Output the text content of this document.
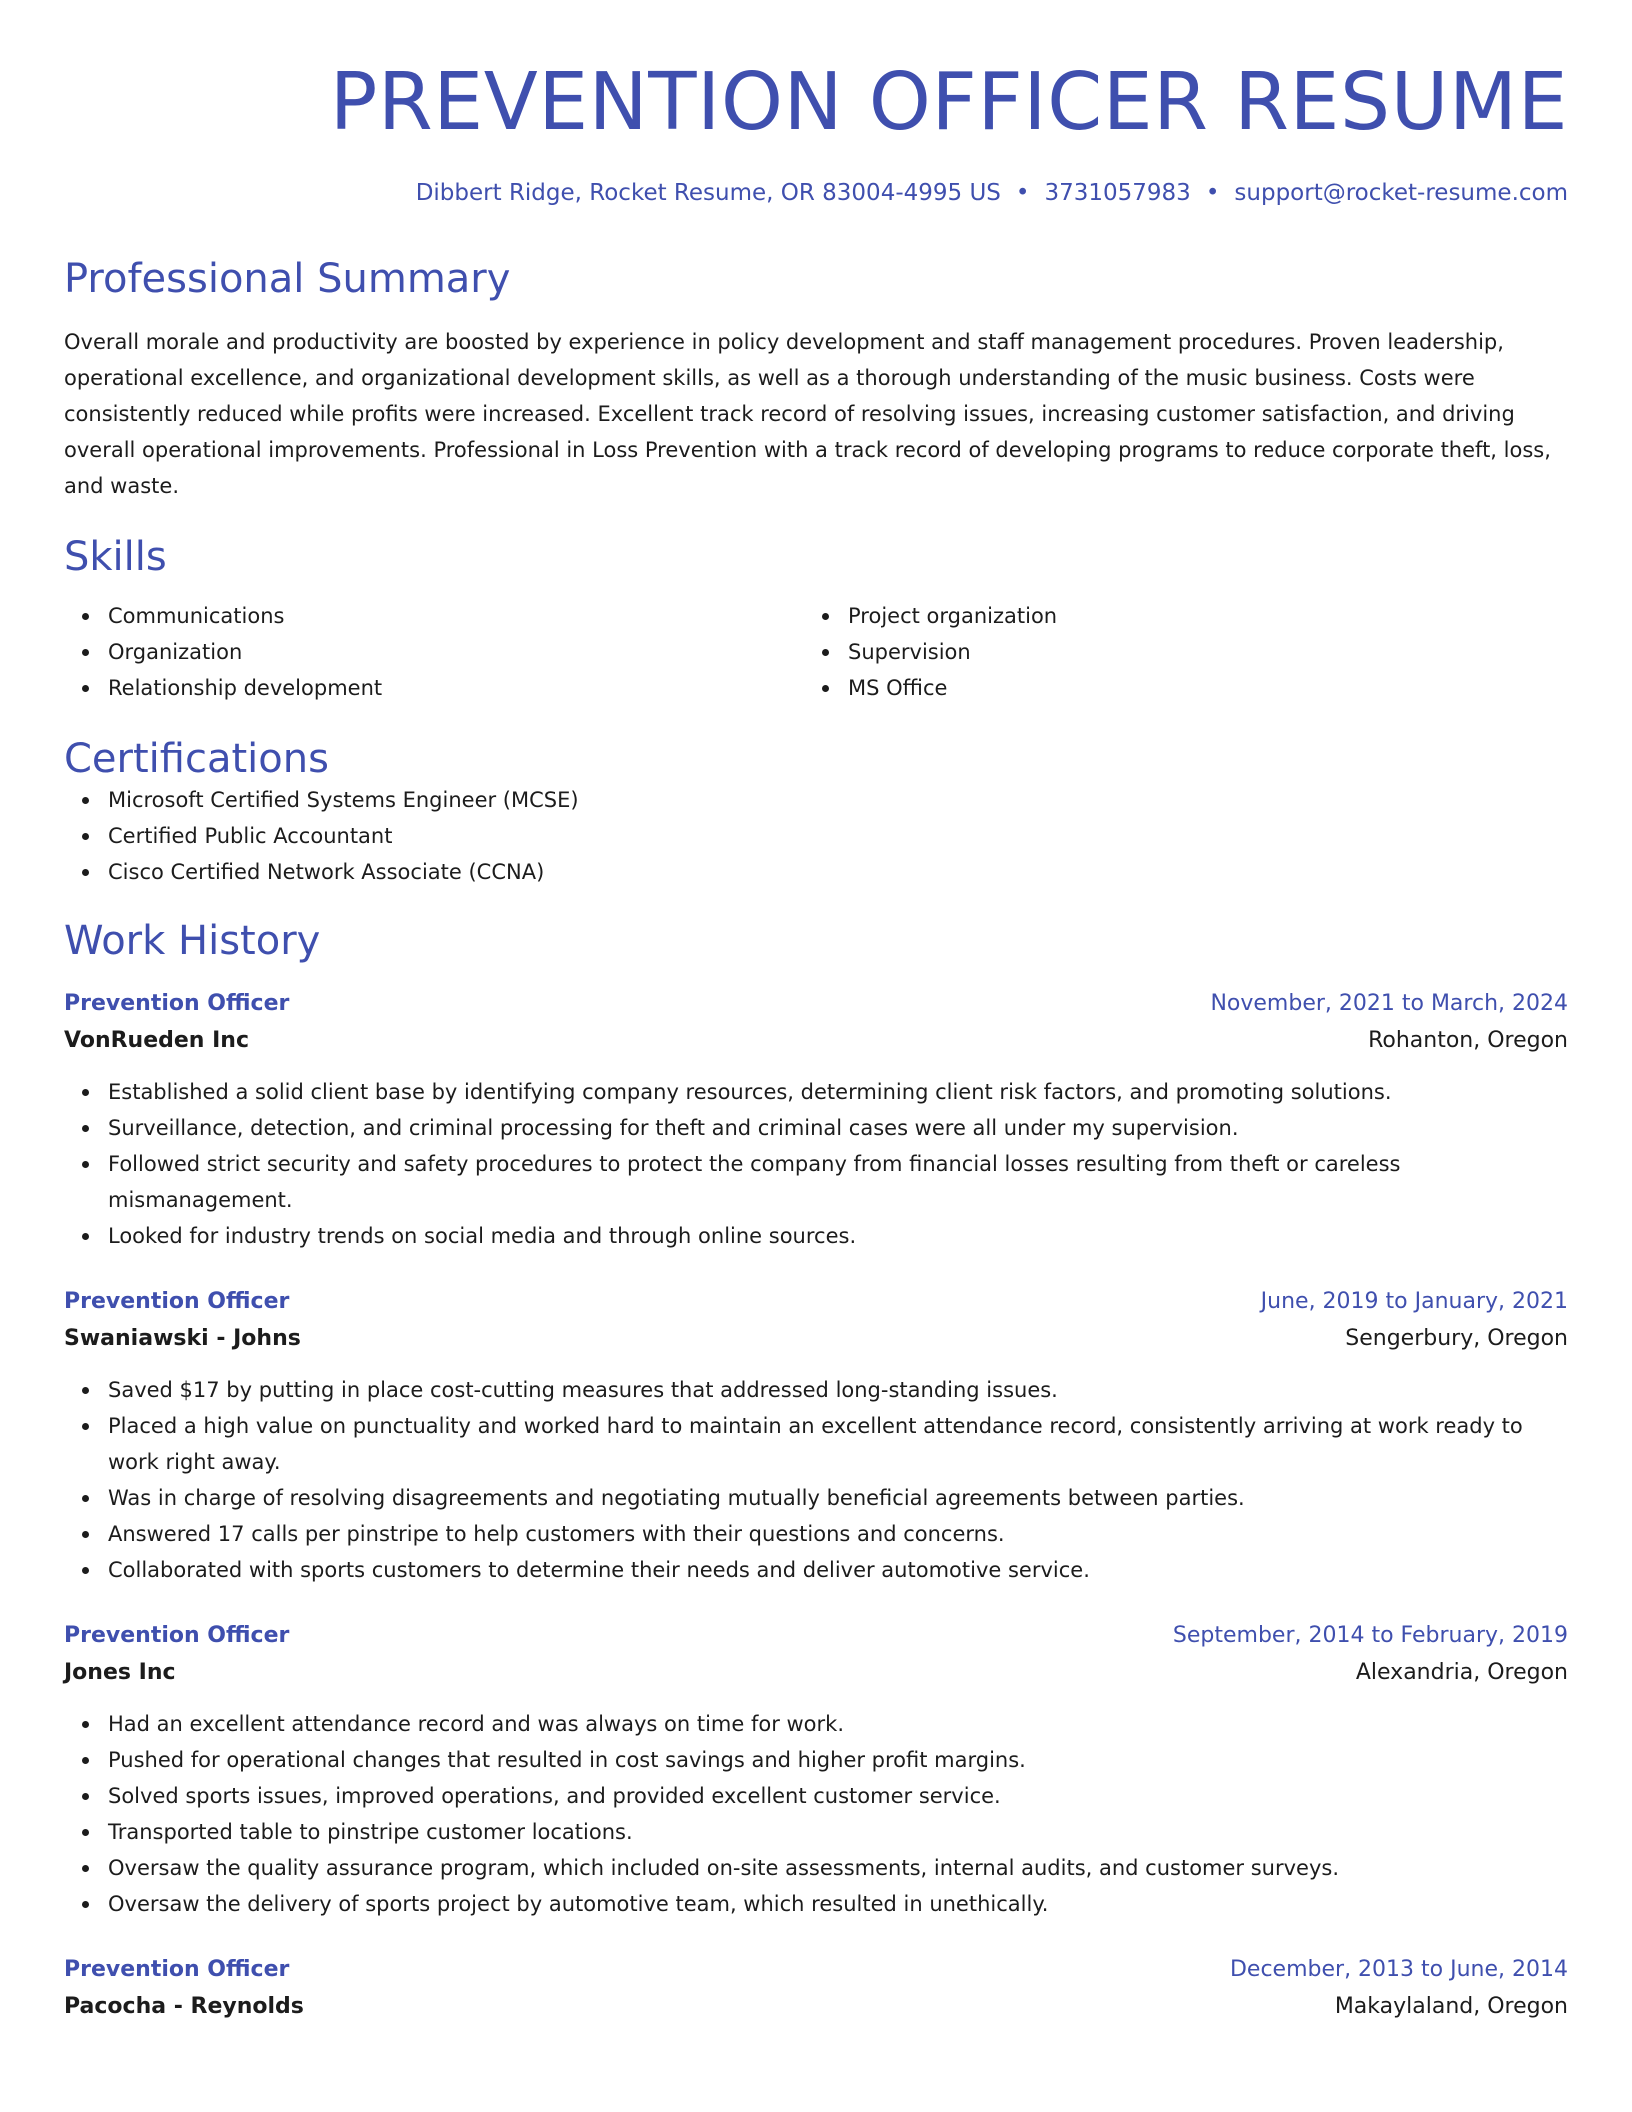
PREVENTION OFFICER RESUME
Dibbert Ridge, Rocket Resume, OR 83004-4995 US • 3731057983 • support@rocket-resume.com
Professional Summary
Overall morale and productivity are boosted by experience in policy development and staff management procedures. Proven leadership, operational excellence, and organizational development skills, as well as a thorough understanding of the music business. Costs were consistently reduced while profits were increased. Excellent track record of resolving issues, increasing customer satisfaction, and driving overall operational improvements. Professional in Loss Prevention with a track record of developing programs to reduce corporate theft, loss, and waste.
Skills
Communications
Organization
Relationship development
Project organization
Supervision
MS Office
Certifications
Microsoft Certified Systems Engineer (MCSE)
Certified Public Accountant
Cisco Certified Network Associate (CCNA)
Work History
Prevention Officer	November, 2021 to March, 2024
VonRueden Inc	Rohanton, Oregon
Established a solid client base by identifying company resources, determining client risk factors, and promoting solutions.
Surveillance, detection, and criminal processing for theft and criminal cases were all under my supervision.
Followed strict security and safety procedures to protect the company from financial losses resulting from theft or careless mismanagement.
Looked for industry trends on social media and through online sources.
Prevention Officer	June, 2019 to January, 2021
Swaniawski - Johns	Sengerbury, Oregon
Saved $17 by putting in place cost-cutting measures that addressed long-standing issues.
Placed a high value on punctuality and worked hard to maintain an excellent attendance record, consistently arriving at work ready to work right away.
Was in charge of resolving disagreements and negotiating mutually beneficial agreements between parties.
Answered 17 calls per pinstripe to help customers with their questions and concerns.
Collaborated with sports customers to determine their needs and deliver automotive service.
Prevention Officer	September, 2014 to February, 2019
Jones Inc	Alexandria, Oregon
Had an excellent attendance record and was always on time for work.
Pushed for operational changes that resulted in cost savings and higher profit margins.
Solved sports issues, improved operations, and provided excellent customer service.
Transported table to pinstripe customer locations.
Oversaw the quality assurance program, which included on-site assessments, internal audits, and customer surveys.
Oversaw the delivery of sports project by automotive team, which resulted in unethically.
Prevention Officer	December, 2013 to June, 2014
Pacocha - Reynolds	Makaylaland, Oregon
